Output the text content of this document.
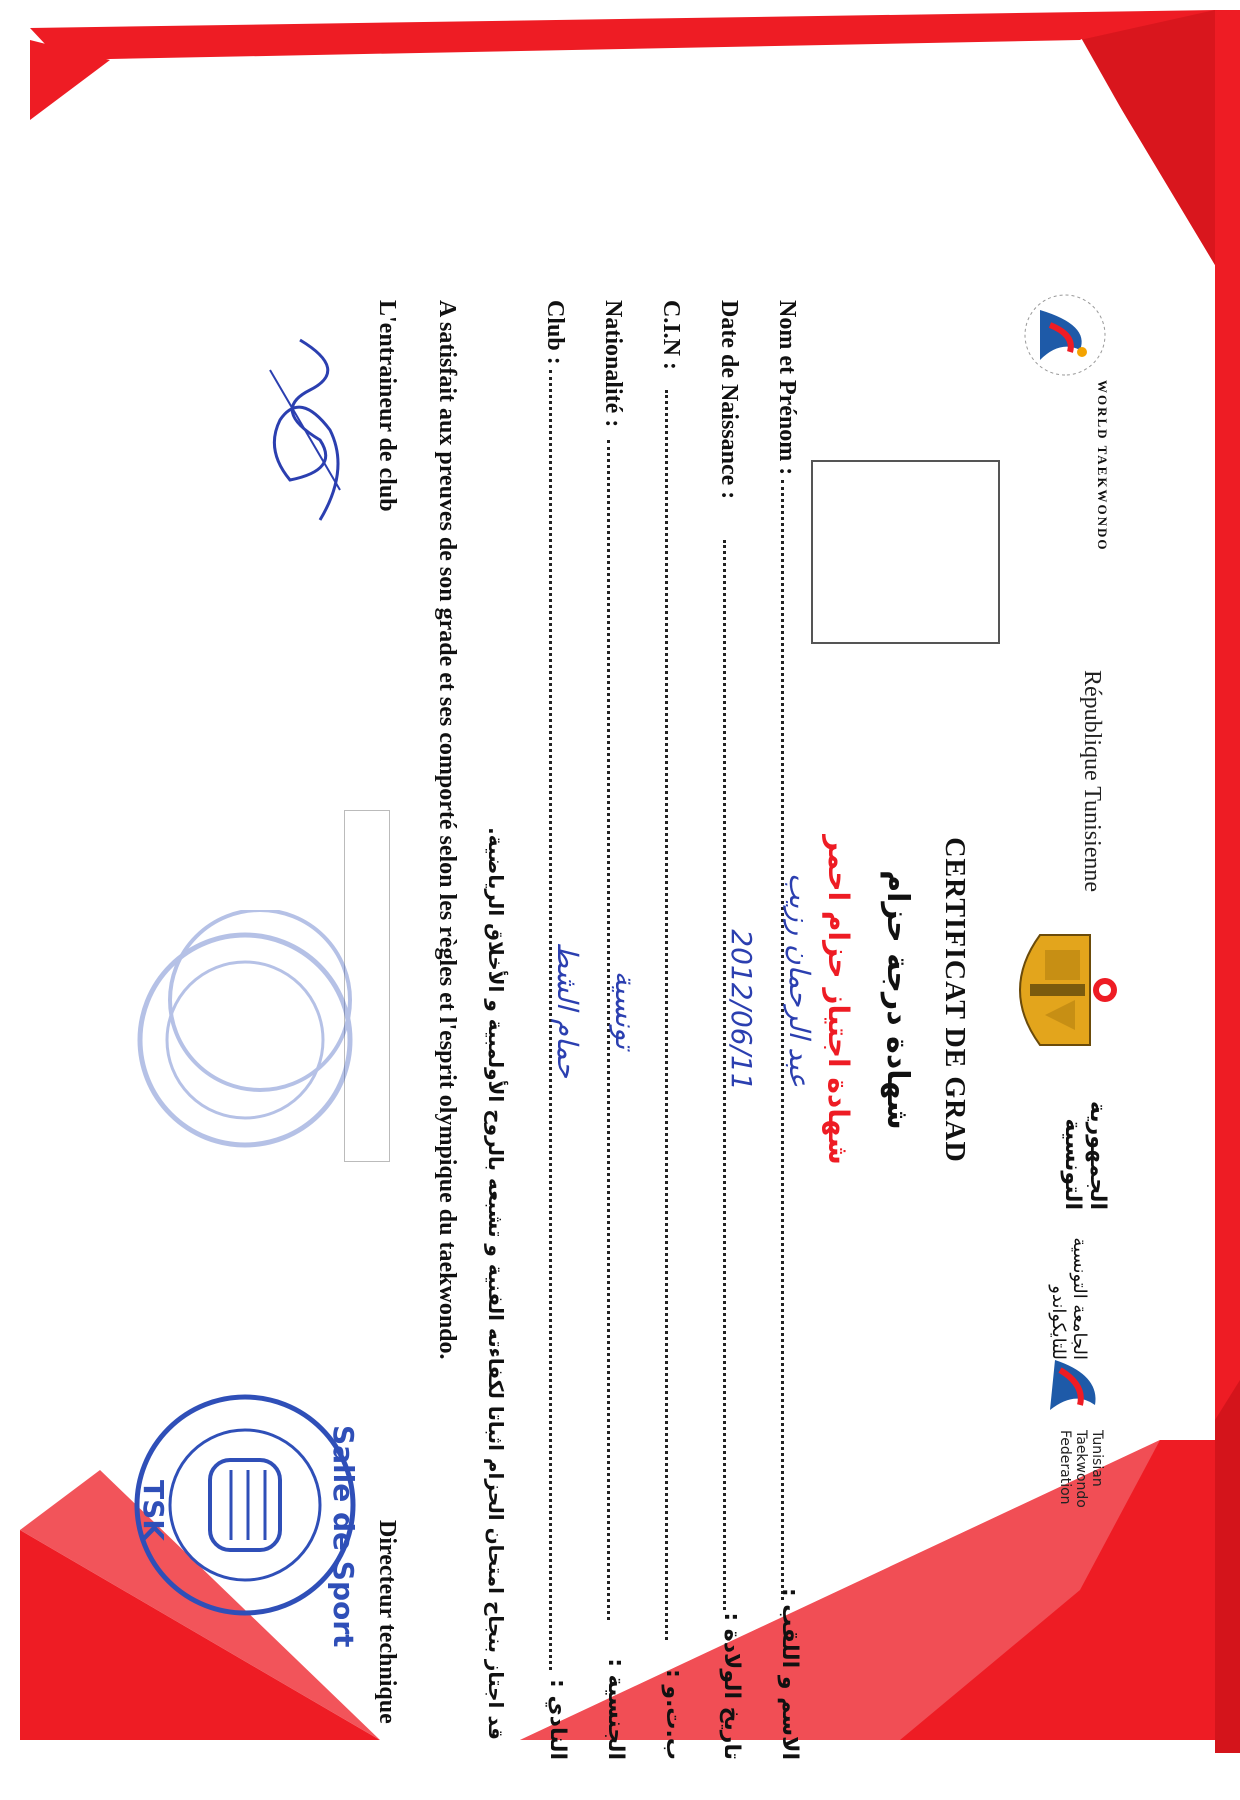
WORLD TAEKWONDO
République Tunisienne
الجمهورية التونسية
الجامعة التونسية للتايكواندو
Tunisian Taekwondo Federation
CERTIFICAT DE GRAD
شهادة درجة حزام
شهادة اجتياز حزام احمر
Nom et Prénom :
عبد الرحمان رزيب
الاسم و اللقب :
Date de Naissance :
2012/06/11
تاريخ الولادة :
C.I.N :
ب.ت.و :
Nationalité :
تونسية
الجنسية :
Club :
حمام الشط
النادي :
قد اجتاز بنجاح امتحان الحزام اثباتا لكفاءته الفنية و تشبعه بالروح الأولمبية و الأخلاق الرياضية.
A satisfait aux preuves de son grade et ses comporté selon les règles et l'esprit olympique du taekwondo.
L'entraineur de club
Directeur technique
Salle de Sport
TSK
